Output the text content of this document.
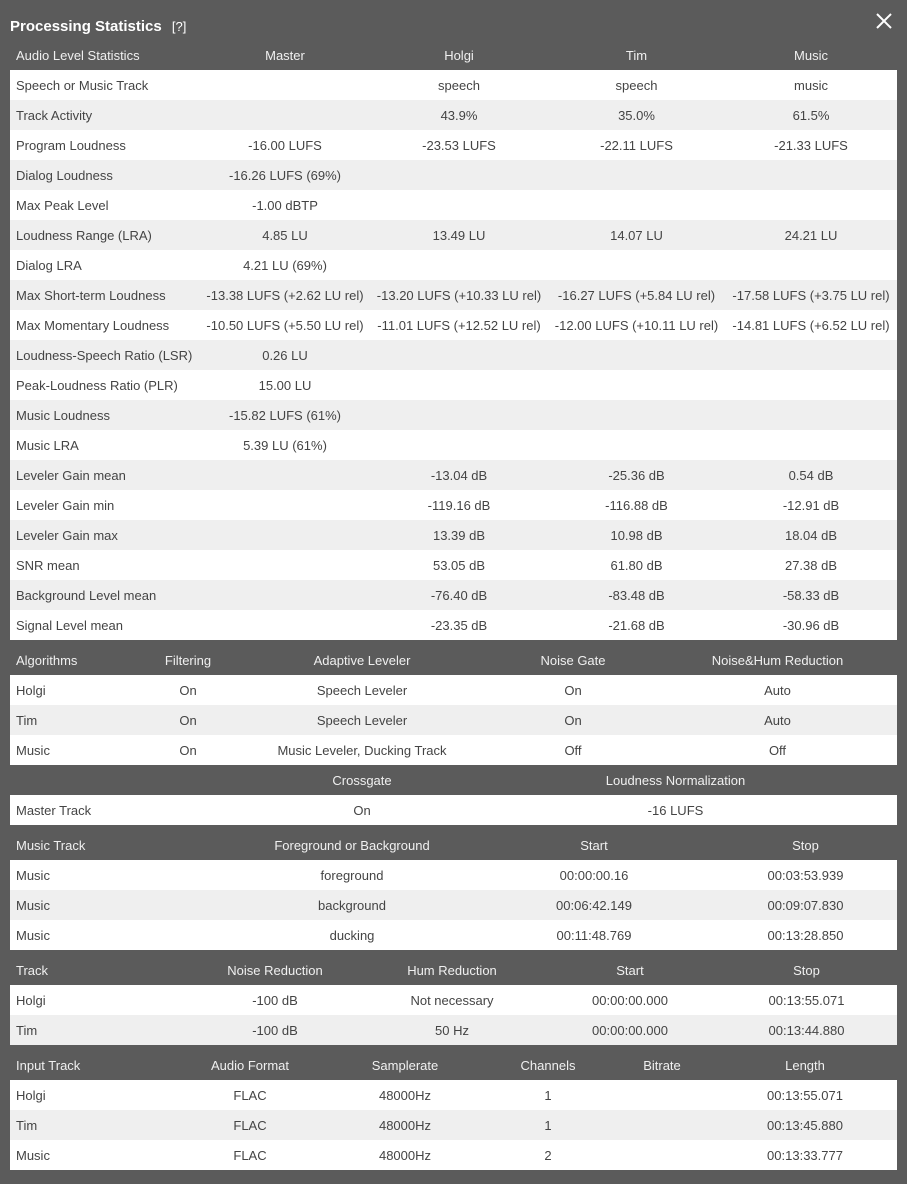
Processing Statistics [?]
Audio Level Statistics	Master	Holgi	Tim	Music
Speech or Music Track		speech	speech	music
Track Activity		43.9%	35.0%	61.5%
Program Loudness	-16.00 LUFS	-23.53 LUFS	-22.11 LUFS	-21.33 LUFS
Dialog Loudness	-16.26 LUFS (69%)			
Max Peak Level	-1.00 dBTP			
Loudness Range (LRA)	4.85 LU	13.49 LU	14.07 LU	24.21 LU
Dialog LRA	4.21 LU (69%)			
Max Short-term Loudness	-13.38 LUFS (+2.62 LU rel)	-13.20 LUFS (+10.33 LU rel)	-16.27 LUFS (+5.84 LU rel)	-17.58 LUFS (+3.75 LU rel)
Max Momentary Loudness	-10.50 LUFS (+5.50 LU rel)	-11.01 LUFS (+12.52 LU rel)	-12.00 LUFS (+10.11 LU rel)	-14.81 LUFS (+6.52 LU rel)
Loudness-Speech Ratio (LSR)	0.26 LU			
Peak-Loudness Ratio (PLR)	15.00 LU			
Music Loudness	-15.82 LUFS (61%)			
Music LRA	5.39 LU (61%)			
Leveler Gain mean		-13.04 dB	-25.36 dB	0.54 dB
Leveler Gain min		-119.16 dB	-116.88 dB	-12.91 dB
Leveler Gain max		13.39 dB	10.98 dB	18.04 dB
SNR mean		53.05 dB	61.80 dB	27.38 dB
Background Level mean		-76.40 dB	-83.48 dB	-58.33 dB
Signal Level mean		-23.35 dB	-21.68 dB	-30.96 dB
Algorithms	Filtering	Adaptive Leveler	Noise Gate	Noise&Hum Reduction
Holgi	On	Speech Leveler	On	Auto
Tim	On	Speech Leveler	On	Auto
Music	On	Music Leveler, Ducking Track	Off	Off
	Crossgate	Loudness Normalization
Master Track	On	-16 LUFS
Music Track	Foreground or Background	Start	Stop
Music	foreground	00:00:00.16	00:03:53.939
Music	background	00:06:42.149	00:09:07.830
Music	ducking	00:11:48.769	00:13:28.850
Track	Noise Reduction	Hum Reduction	Start	Stop
Holgi	-100 dB	Not necessary	00:00:00.000	00:13:55.071
Tim	-100 dB	50 Hz	00:00:00.000	00:13:44.880
Input Track	Audio Format	Samplerate	Channels	Bitrate	Length
Holgi	FLAC	48000Hz	1		00:13:55.071
Tim	FLAC	48000Hz	1		00:13:45.880
Music	FLAC	48000Hz	2		00:13:33.777
